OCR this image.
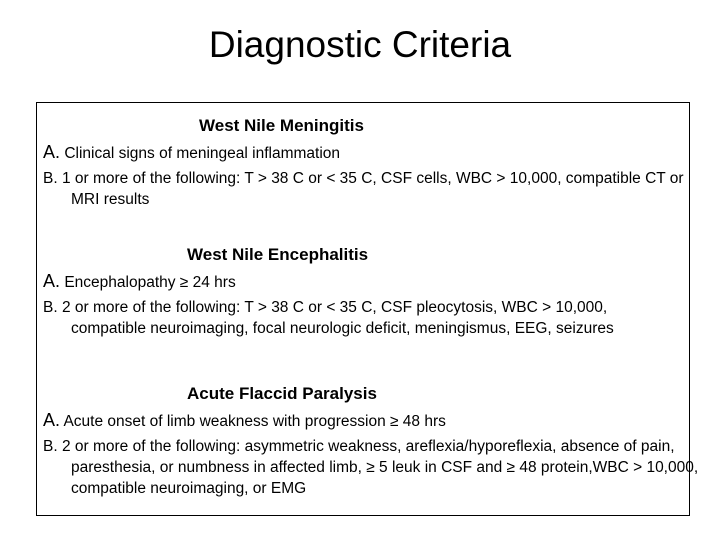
Diagnostic Criteria
West Nile Meningitis
A. Clinical signs of meningeal inflammation
B. 1 or more of the following: T > 38 C or < 35 C, CSF cells, WBC > 10,000, compatible CT or MRI results
West Nile Encephalitis
A. Encephalopathy ≥ 24 hrs
B. 2 or more of the following: T > 38 C or < 35 C, CSF pleocytosis, WBC > 10,000, compatible neuroimaging, focal neurologic deficit, meningismus, EEG, seizures
Acute Flaccid Paralysis
A. Acute onset of limb weakness with progression ≥ 48 hrs
B. 2 or more of the following: asymmetric weakness, areflexia/hyporeflexia, absence of pain, paresthesia, or numbness in affected limb, ≥ 5 leuk in CSF and ≥ 48 protein,WBC > 10,000, compatible neuroimaging, or EMG
